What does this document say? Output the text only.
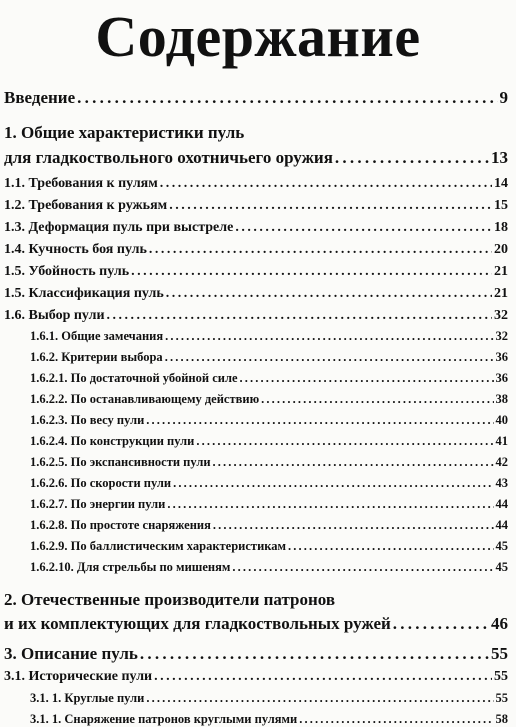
Содержание
Введение . . .	9
1. Общие характеристики пуль
для гладкоствольного охотничьего оружия . . .	13
1.1. Требования к пулям . . .	14
1.2. Требования к ружьям . . .	15
1.3. Деформация пуль при выстреле . . .	18
1.4. Кучность боя пуль . . .	20
1.5. Убойность пуль . . .	21
1.5. Классификация пуль . . .	21
1.6. Выбор пули . . .	32
1.6.1. Общие замечания . . .	32
1.6.2. Критерии выбора . . .	36
1.6.2.1. По достаточной убойной силе . . .	36
1.6.2.2. По останавливающему действию . . .	38
1.6.2.3. По весу пули . . .	40
1.6.2.4. По конструкции пули . . .	41
1.6.2.5. По экспансивности пули . . .	42
1.6.2.6. По скорости пули . . .	43
1.6.2.7. По энергии пули . . .	44
1.6.2.8. По простоте снаряжения . . .	44
1.6.2.9. По баллистическим характеристикам . . .	45
1.6.2.10. Для стрельбы по мишеням . . .	45
2. Отечественные производители патронов
и их комплектующих для гладкоствольных ружей . . .	46
3. Описание пуль . . .	55
3.1. Исторические пули . . .	55
3.1. 1. Круглые пули . . .	55
3.1. 1. Снаряжение патронов круглыми пулями . . .	58
